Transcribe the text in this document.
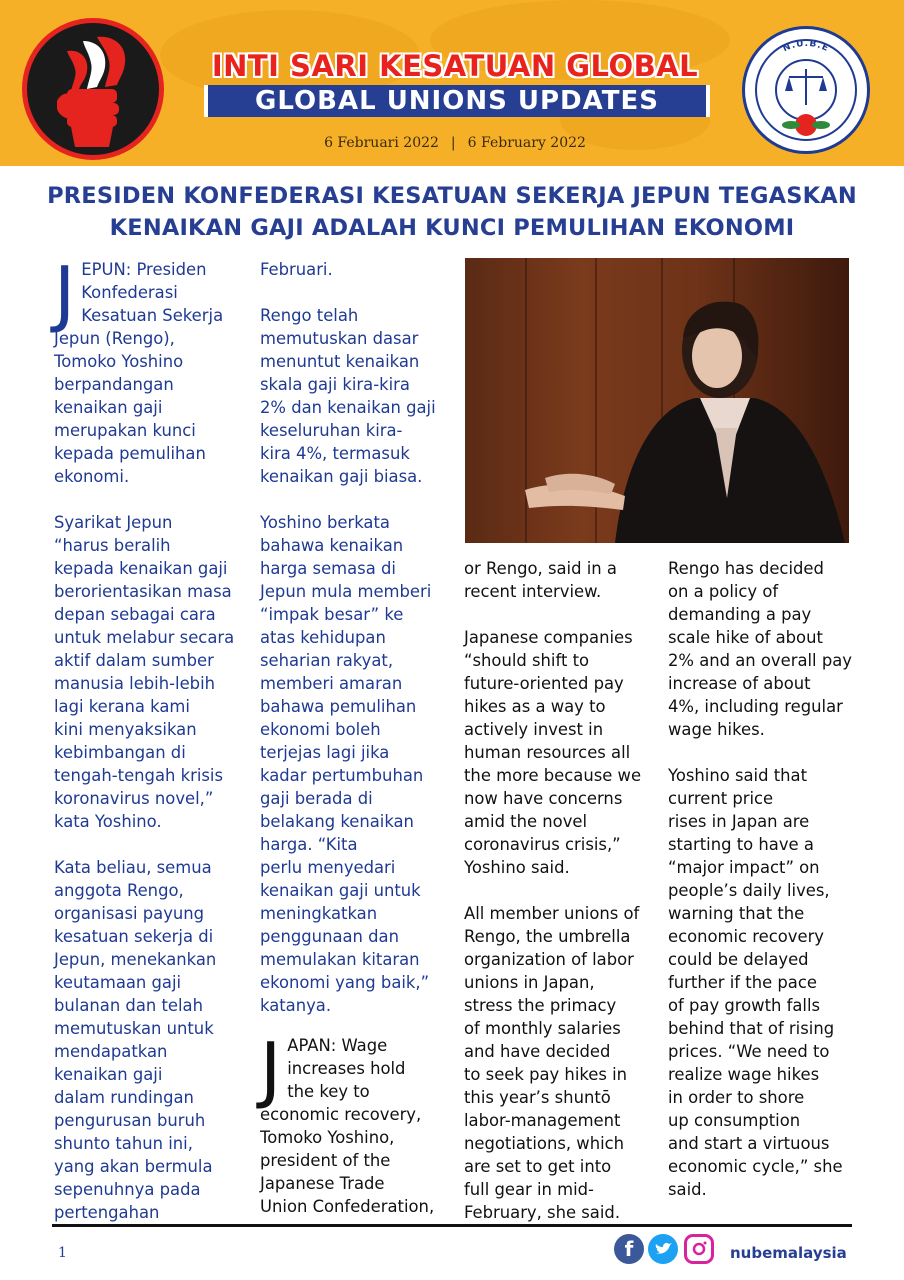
INTI SARI KESATUAN GLOBAL
GLOBAL UNIONS UPDATES
6 Februari 2022 | 6 February 2022
N.U.B.E
PRESIDEN KONFEDERASI KESATUAN SEKERJA JEPUN TEGASKAN
KENAIKAN GAJI ADALAH KUNCI PEMULIHAN EKONOMI

JEPUN: Presiden
Konfederasi
Kesatuan Sekerja
Jepun (Rengo),
Tomoko Yoshino
berpandangan
kenaikan gaji
merupakan kunci
kepada pemulihan
ekonomi.

Syarikat Jepun
“harus beralih
kepada kenaikan gaji
berorientasikan masa
depan sebagai cara
untuk melabur secara
aktif dalam sumber
manusia lebih-lebih
lagi kerana kami
kini menyaksikan
kebimbangan di
tengah-tengah krisis
koronavirus novel,”
kata Yoshino.

Kata beliau, semua
anggota Rengo,
organisasi payung
kesatuan sekerja di
Jepun, menekankan
keutamaan gaji
bulanan dan telah
memutuskan untuk
mendapatkan
kenaikan gaji
dalam rundingan
pengurusan buruh
shunto tahun ini,
yang akan bermula
sepenuhnya pada
pertengahan

Februari.

Rengo telah
memutuskan dasar
menuntut kenaikan
skala gaji kira-kira
2% dan kenaikan gaji
keseluruhan kira-
kira 4%, termasuk
kenaikan gaji biasa.

Yoshino berkata
bahawa kenaikan
harga semasa di
Jepun mula memberi
“impak besar” ke
atas kehidupan
seharian rakyat,
memberi amaran
bahawa pemulihan
ekonomi boleh
terjejas lagi jika
kadar pertumbuhan
gaji berada di
belakang kenaikan
harga. “Kita
perlu menyedari
kenaikan gaji untuk
meningkatkan
penggunaan dan
memulakan kitaran
ekonomi yang baik,”
katanya.

JAPAN: Wage
increases hold
the key to
economic recovery,
Tomoko Yoshino,
president of the
Japanese Trade
Union Confederation,

or Rengo, said in a
recent interview.

Japanese companies
“should shift to
future-oriented pay
hikes as a way to
actively invest in
human resources all
the more because we
now have concerns
amid the novel
coronavirus crisis,”
Yoshino said.

All member unions of
Rengo, the umbrella
organization of labor
unions in Japan,
stress the primacy
of monthly salaries
and have decided
to seek pay hikes in
this year’s shuntō
labor-management
negotiations, which
are set to get into
full gear in mid-
February, she said.

Rengo has decided
on a policy of
demanding a pay
scale hike of about
2% and an overall pay
increase of about
4%, including regular
wage hikes.

Yoshino said that
current price
rises in Japan are
starting to have a
“major impact” on
people’s daily lives,
warning that the
economic recovery
could be delayed
further if the pace
of pay growth falls
behind that of rising
prices. “We need to
realize wage hikes
in order to shore
up consumption
and start a virtuous
economic cycle,” she
said.

1	f	nubemalaysia
